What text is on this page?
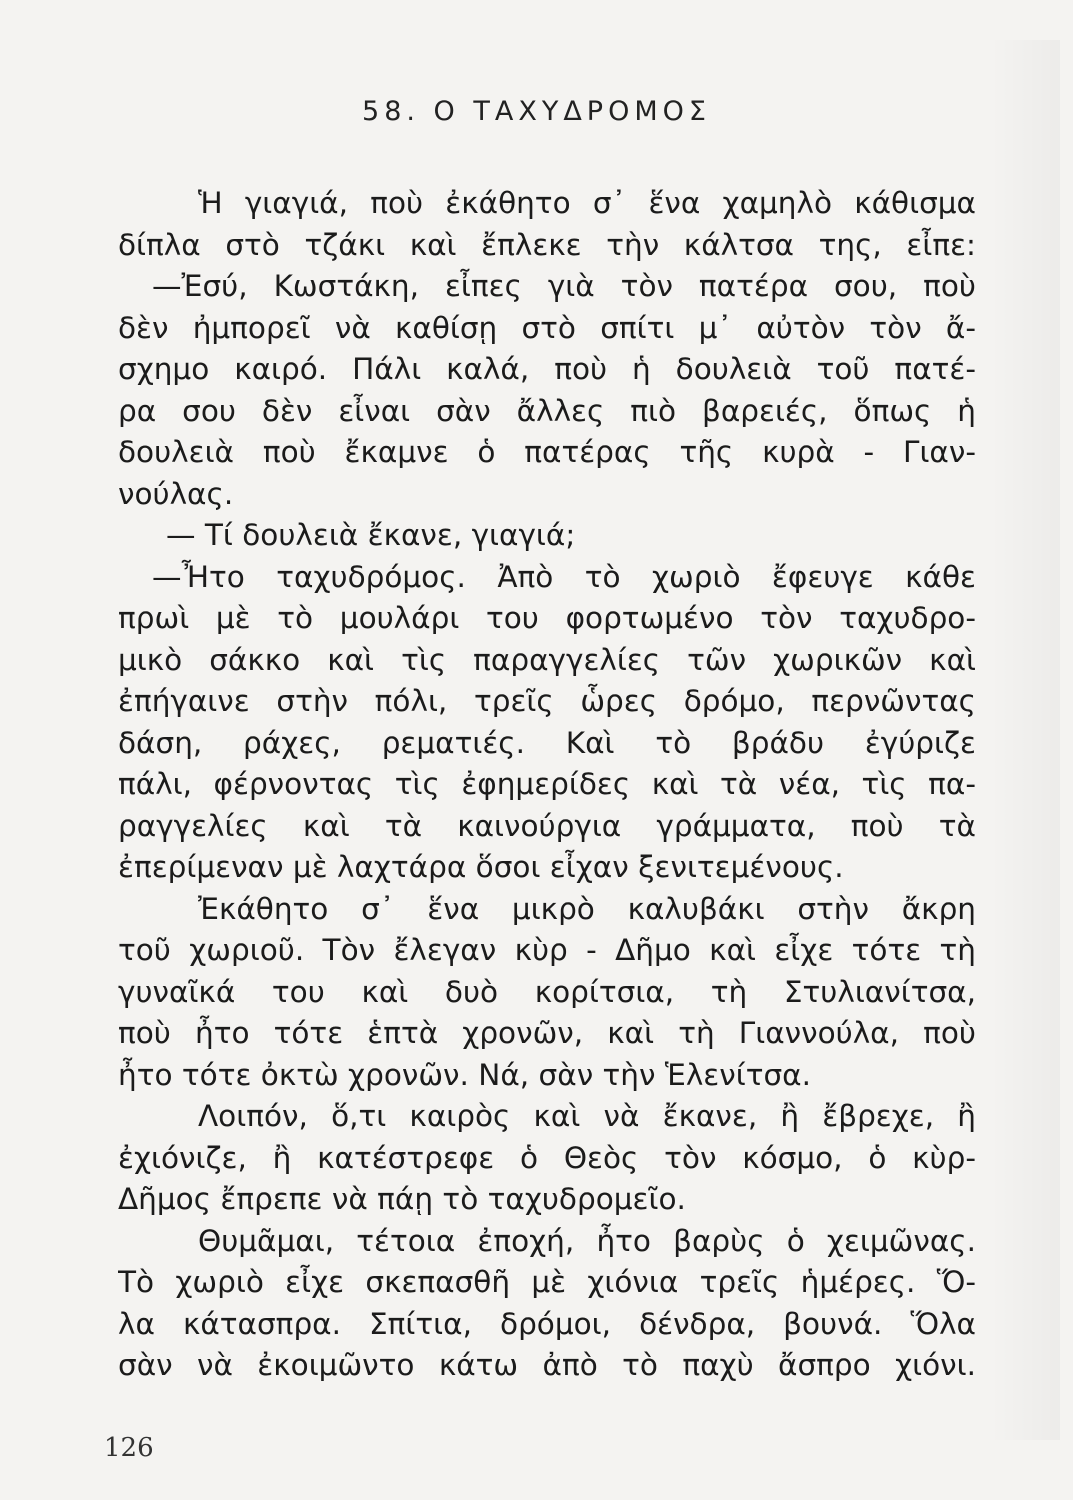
58. Ο ΤΑΧΥΔΡΟΜΟΣ
Ἡ γιαγιά, ποὺ ἐκάθητο σ᾿ ἕνα χαμηλὸ κάθισμα
δίπλα στὸ τζάκι καὶ ἔπλεκε τὴν κάλτσα της, εἶπε:
—Ἐσύ, Κωστάκη, εἶπες γιὰ τὸν πατέρα σου, ποὺ
δὲν ἠμπορεῖ νὰ καθίσῃ στὸ σπίτι μ᾿ αὐτὸν τὸν ἄ-
σχημο καιρό. Πάλι καλά, ποὺ ἡ δουλειὰ τοῦ πατέ-
ρα σου δὲν εἶναι σὰν ἄλλες πιὸ βαρειές, ὅπως ἡ
δουλειὰ ποὺ ἔκαμνε ὁ πατέρας τῆς κυρὰ - Γιαν-
νούλας.
— Τί δουλειὰ ἔκανε, γιαγιά;
—Ἦτο ταχυδρόμος. Ἀπὸ τὸ χωριὸ ἔφευγε κάθε
πρωὶ μὲ τὸ μουλάρι του φορτωμένο τὸν ταχυδρο-
μικὸ σάκκο καὶ τὶς παραγγελίες τῶν χωρικῶν καὶ
ἐπήγαινε στὴν πόλι, τρεῖς ὧρες δρόμο, περνῶντας
δάση, ράχες, ρεματιές. Καὶ τὸ βράδυ ἐγύριζε
πάλι, φέρνοντας τὶς ἐφημερίδες καὶ τὰ νέα, τὶς πα-
ραγγελίες καὶ τὰ καινούργια γράμματα, ποὺ τὰ
ἐπερίμεναν μὲ λαχτάρα ὅσοι εἶχαν ξενιτεμένους.
Ἐκάθητο σ᾿ ἕνα μικρὸ καλυβάκι στὴν ἄκρη
τοῦ χωριοῦ. Τὸν ἔλεγαν κὺρ - Δῆμο καὶ εἶχε τότε τὴ
γυναῖκά του καὶ δυὸ κορίτσια, τὴ Στυλιανίτσα,
ποὺ ἦτο τότε ἑπτὰ χρονῶν, καὶ τὴ Γιαννούλα, ποὺ
ἦτο τότε ὀκτὼ χρονῶν. Νά, σὰν τὴν Ἑλενίτσα.
Λοιπόν, ὅ,τι καιρὸς καὶ νὰ ἔκανε, ἢ ἔβρεχε, ἢ
ἐχιόνιζε, ἢ κατέστρεφε ὁ Θεὸς τὸν κόσμο, ὁ κὺρ-
Δῆμος ἔπρεπε νὰ πάῃ τὸ ταχυδρομεῖο.
Θυμᾶμαι, τέτοια ἐποχή, ἦτο βαρὺς ὁ χειμῶνας.
Τὸ χωριὸ εἶχε σκεπασθῆ μὲ χιόνια τρεῖς ἡμέρες. Ὅ-
λα κάτασπρα. Σπίτια, δρόμοι, δένδρα, βουνά. Ὅλα
σὰν νὰ ἐκοιμῶντο κάτω ἀπὸ τὸ παχὺ ἄσπρο χιόνι.
126
